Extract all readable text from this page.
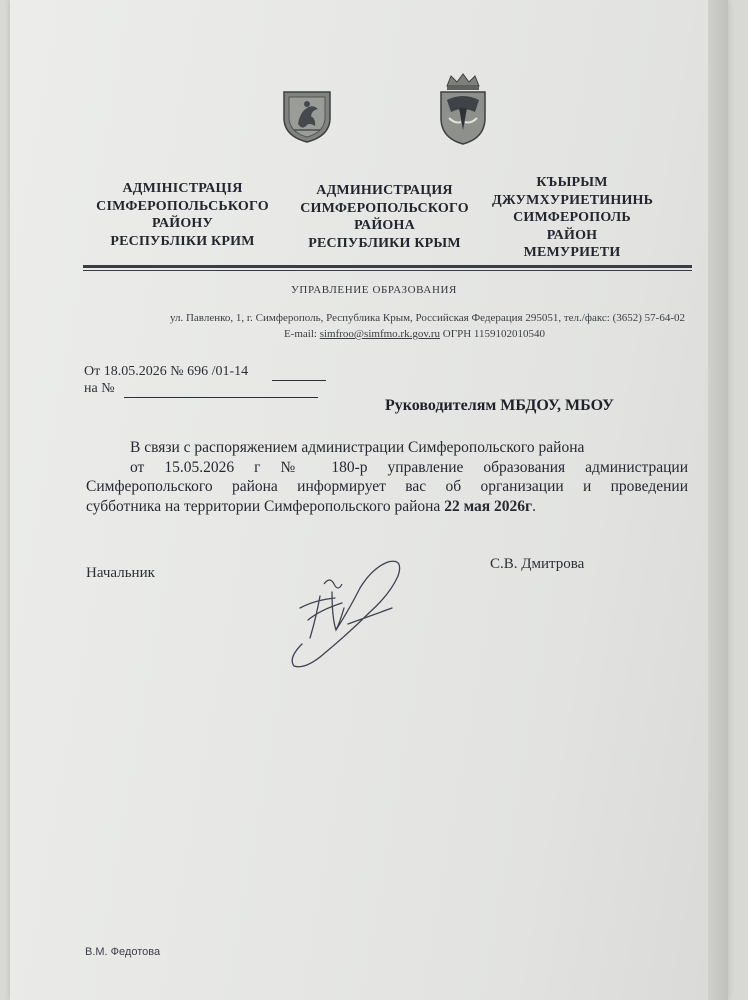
АДМІНІСТРАЦІЯ
СІМФЕРОПОЛЬСЬКОГО
РАЙОНУ
РЕСПУБЛІКИ КРИМ
АДМИНИСТРАЦИЯ
СИМФЕРОПОЛЬСКОГО
РАЙОНА
РЕСПУБЛИКИ КРЫМ
КЪЫРЫМ
ДЖУМХУРИЕТИНИНЬ
СИМФЕРОПОЛЬ
РАЙОН
МЕМУРИЕТИ
УПРАВЛЕНИЕ ОБРАЗОВАНИЯ
ул. Павленко, 1, г. Симферополь, Республика Крым, Российская Федерация 295051, тел./факс: (3652) 57-64-02
E-mail: simfroo@simfmo.rk.gov.ru ОГРН 1159102010540
От 18.05.2026 № 696 /01-14
на №
Руководителям МБДОУ, МБОУ
В связи с распоряжением администрации Симферопольского района
от 15.05.2026 г № 180-р управление образования администрации
Симферопольского района информирует вас об организации и проведении
субботника на территории Симферопольского района 22 мая 2026г.
Начальник
С.В. Дмитрова
В.М. Федотова
